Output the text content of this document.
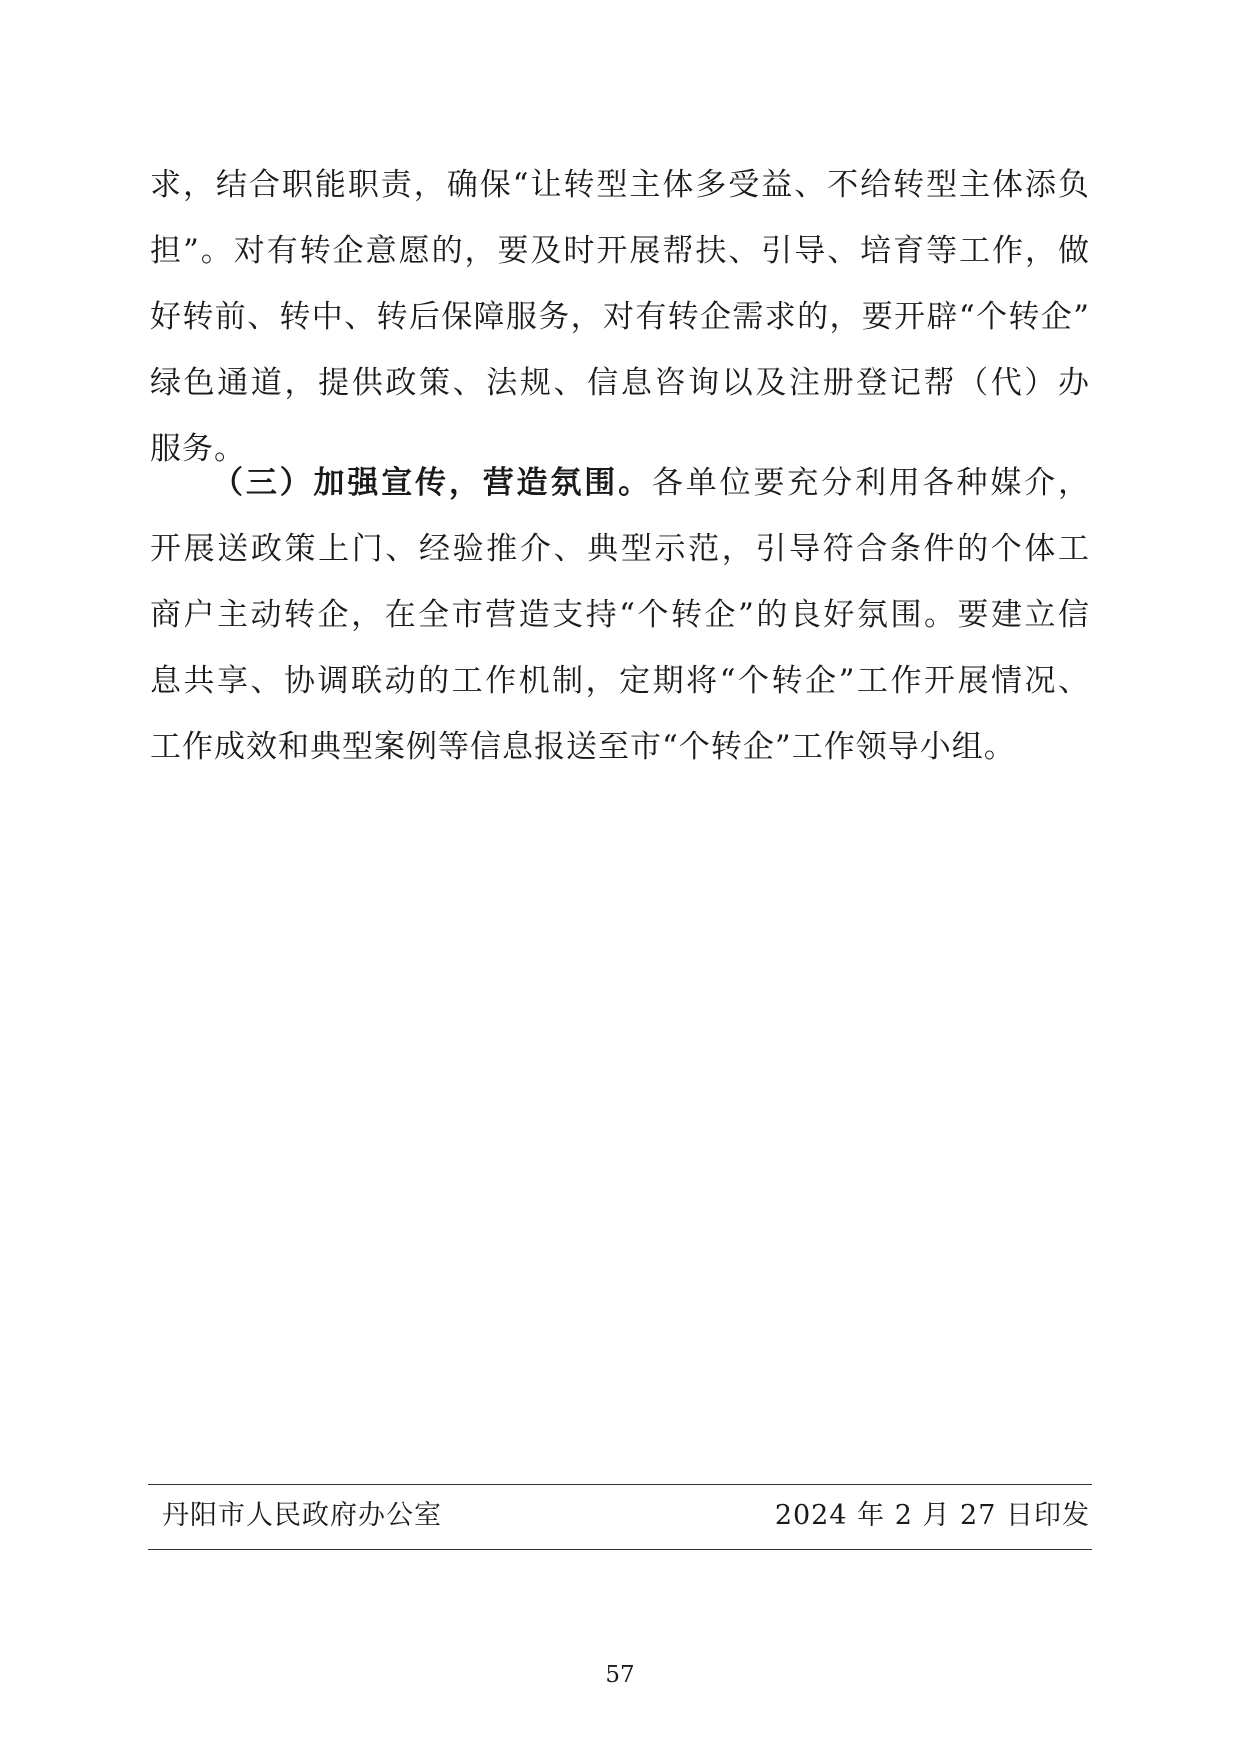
求，结合职能职责，确保“让转型主体多受益、不给转型主体添负
担”。对有转企意愿的，要及时开展帮扶、引导、培育等工作，做
好转前、转中、转后保障服务，对有转企需求的，要开辟“个转企”
绿色通道，提供政策、法规、信息咨询以及注册登记帮（代）办
服务。
（三）加强宣传，营造氛围。各单位要充分利用各种媒介，
开展送政策上门、经验推介、典型示范，引导符合条件的个体工
商户主动转企，在全市营造支持“个转企”的良好氛围。要建立信
息共享、协调联动的工作机制，定期将“个转企”工作开展情况、
工作成效和典型案例等信息报送至市“个转企”工作领导小组。
丹阳市人民政府办公室	2024 年 2 月 27 日印发
57
